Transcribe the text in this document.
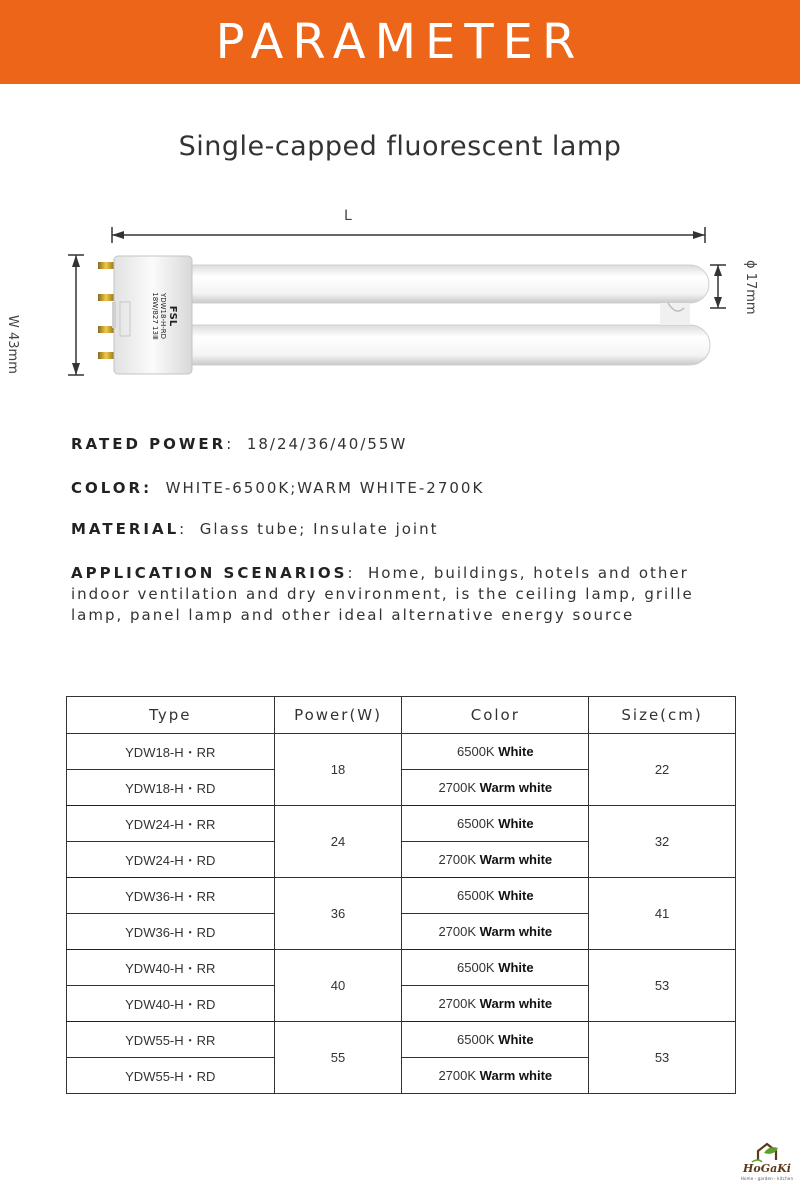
PARAMETER
Single-capped fluorescent lamp
FSL
YDW18-H-RD
18W/827 13Ⅲ
L
W 43mm
ϕ 17mm
RATED POWER:  18/24/36/40/55W
COLOR: WHITE-6500K;WARM WHITE-2700K
MATERIAL:  Glass tube; Insulate joint
APPLICATION SCENARIOS:  Home, buildings, hotels and other
indoor ventilation and dry environment, is the ceiling lamp, grille
lamp, panel lamp and other ideal alternative energy source
Type	Power(W)	Color	Size(cm)
YDW18-H・RR	18	6500K White	22
YDW18-H・RD		2700K Warm white	
YDW24-H・RR	24	6500K White	32
YDW24-H・RD		2700K Warm white	
YDW36-H・RR	36	6500K White	41
YDW36-H・RD		2700K Warm white	
YDW40-H・RR	40	6500K White	53
YDW40-H・RD		2700K Warm white	
YDW55-H・RR	55	6500K White	53
YDW55-H・RD		2700K Warm white	
HoGaKi
Home・garden・kitchen
